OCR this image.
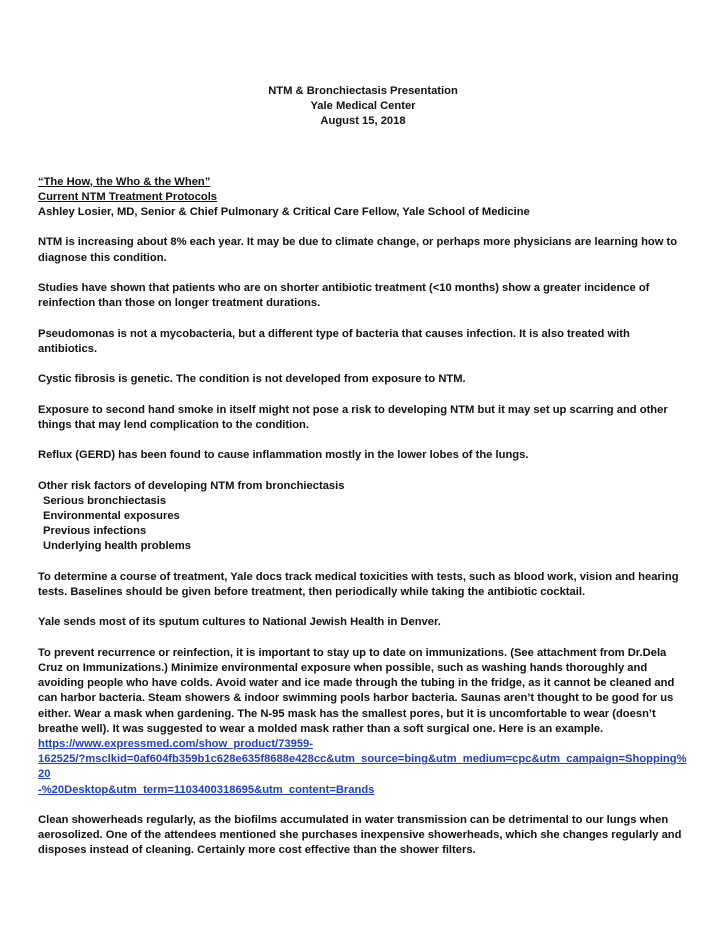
NTM & Bronchiectasis Presentation
Yale Medical Center
August 15, 2018

“The How, the Who & the When”
Current NTM Treatment Protocols
Ashley Losier, MD, Senior & Chief Pulmonary & Critical Care Fellow, Yale School of Medicine

NTM is increasing about 8% each year. It may be due to climate change, or perhaps more physicians are learning how to diagnose this condition.

Studies have shown that patients who are on shorter antibiotic treatment (<10 months) show a greater incidence of reinfection than those on longer treatment durations.

Pseudomonas is not a mycobacteria, but a different type of bacteria that causes infection. It is also treated with antibiotics.

Cystic fibrosis is genetic. The condition is not developed from exposure to NTM.

Exposure to second hand smoke in itself might not pose a risk to developing NTM but it may set up scarring and other things that may lend complication to the condition.

Reflux (GERD) has been found to cause inflammation mostly in the lower lobes of the lungs.

Other risk factors of developing NTM from bronchiectasis
Serious bronchiectasis
Environmental exposures
Previous infections
Underlying health problems

To determine a course of treatment, Yale docs track medical toxicities with tests, such as blood work, vision and hearing tests. Baselines should be given before treatment, then periodically while taking the antibiotic cocktail.

Yale sends most of its sputum cultures to National Jewish Health in Denver.

To prevent recurrence or reinfection, it is important to stay up to date on immunizations. (See attachment from Dr.Dela Cruz on Immunizations.) Minimize environmental exposure when possible, such as washing hands thoroughly and avoiding people who have colds. Avoid water and ice made through the tubing in the fridge, as it cannot be cleaned and can harbor bacteria. Steam showers & indoor swimming pools harbor bacteria. Saunas aren’t thought to be good for us either. Wear a mask when gardening. The N-95 mask has the smallest pores, but it is uncomfortable to wear (doesn’t breathe well). It was suggested to wear a molded mask rather than a soft surgical one. Here is an example.

https://www.expressmed.com/show_product/73959-
162525/?msclkid=0af604fb359b1c628e635f8688e428cc&utm_source=bing&utm_medium=cpc&utm_campaign=Shopping%20
-%20Desktop&utm_term=1103400318695&utm_content=Brands

Clean showerheads regularly, as the biofilms accumulated in water transmission can be detrimental to our lungs when aerosolized. One of the attendees mentioned she purchases inexpensive showerheads, which she changes regularly and disposes instead of cleaning. Certainly more cost effective than the shower filters.
